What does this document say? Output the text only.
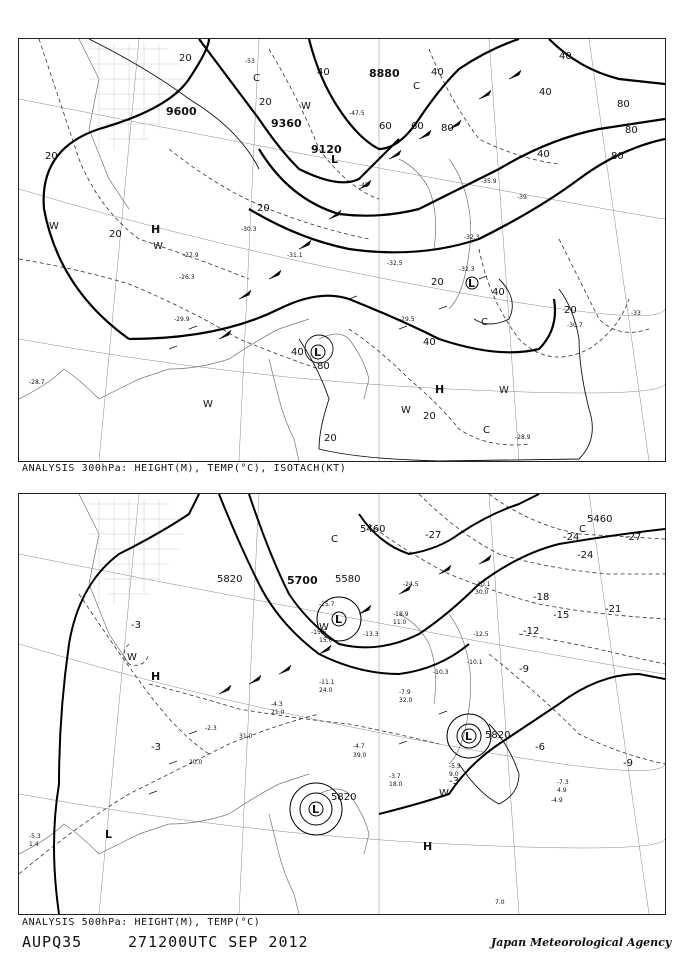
9600
9360
9120
8880
20
20
20
20
20
20
20
20
40	40
40
40
40
40
60 60 80
80
80
80
20
40
40
80
-28.7
-29.9
-30.3
-31.1
-32.3
-33
-35.9
-39
-45
-47.5
-53
-26.3
-27.9
-29.5
-28.9
-30.7
-32.5
-32.3
H
L
L
L
H
W
W
W
W
W
C
C
C
C
W
ANALYSIS 300hPa: HEIGHT(M), TEMP(°C), ISOTACH(KT)
5460
5460
5700
5820
5820
5820
5580
-27
-24
-21
-18
-15
-12
-9
-6
-3
-3
-9
-3
-27
-24
-3.7
-5.5
-7.3
-5.3
-20.1
-12.5
-10.1
-4.9
-18.9
-25.7
-24.5
-15.5	-13.3
-11.1
-7.9
-2.3
-4.7
-4.3
-10.3
39.0
18.0
9.0
4.9
30.0
21.0
32.0
11.0
24.0
31.0
20.0
15.0
7.0
1.4
L
L
L
L
H
H
W
W
W
C
C
ANALYSIS 500hPa: HEIGHT(M), TEMP(°C)
AUPQ35	271200UTC SEP 2012	Japan Meteorological Agency
